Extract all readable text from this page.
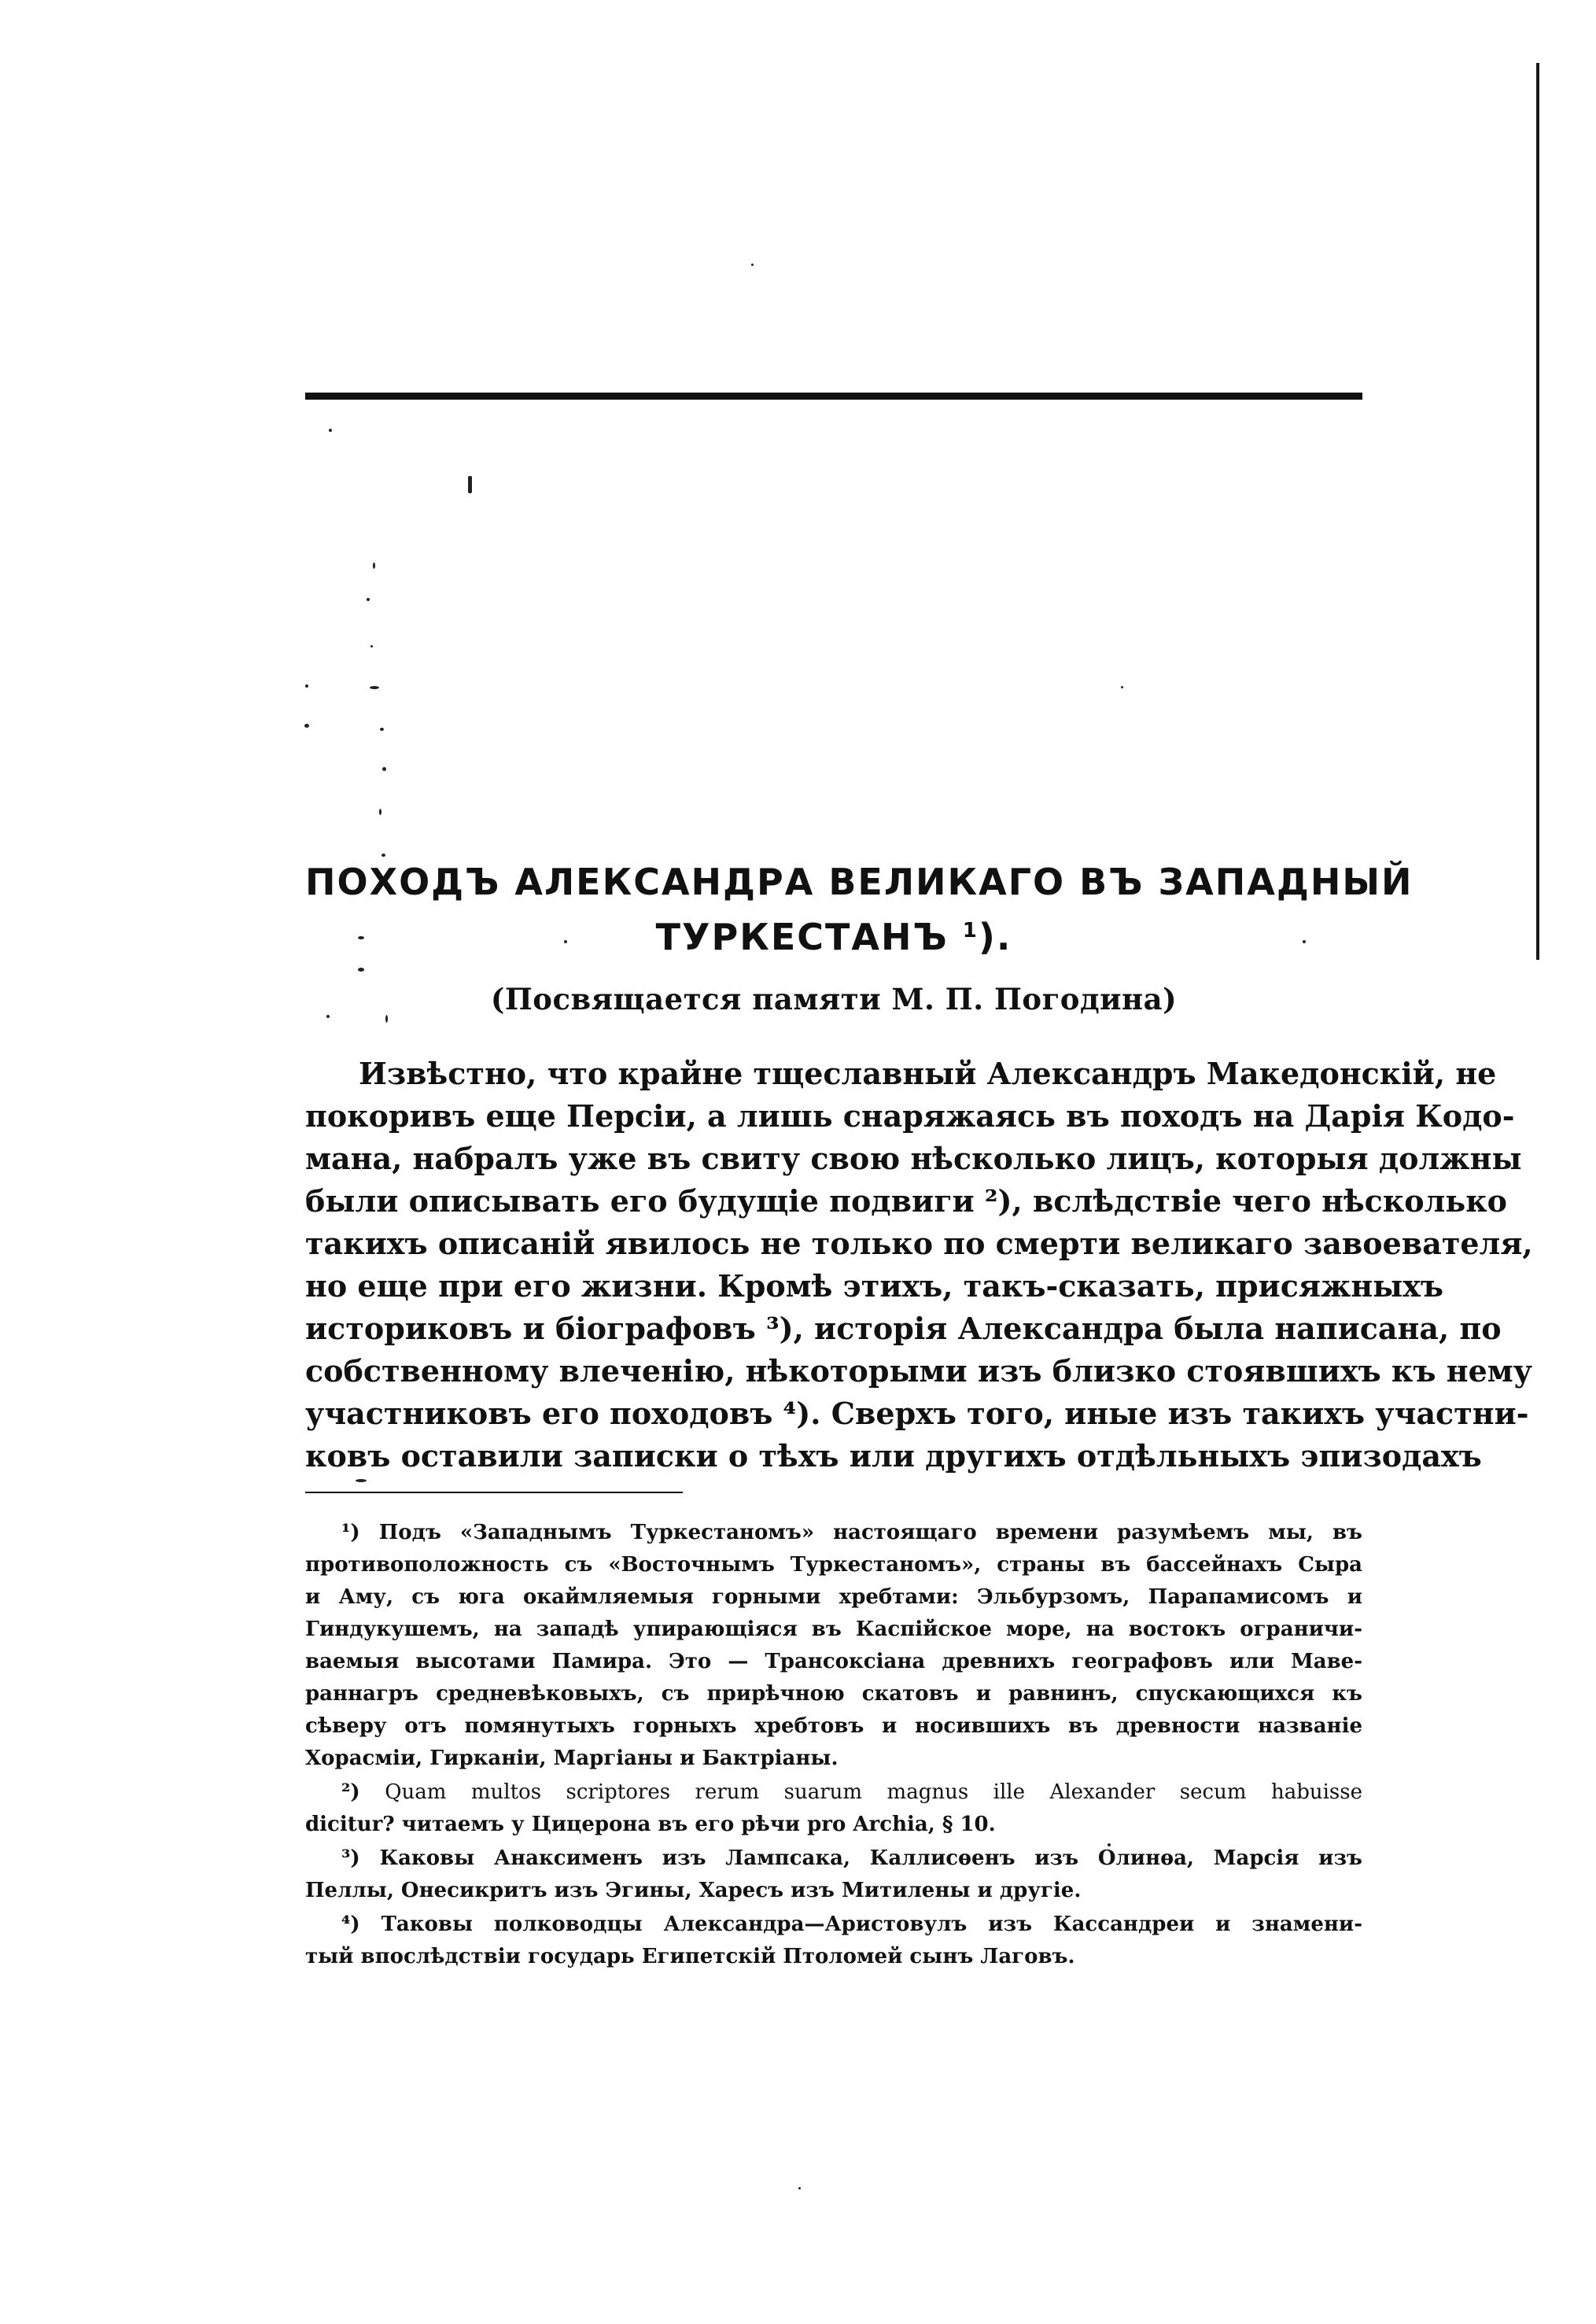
ПОХОДЪ АЛЕКСАНДРА ВЕЛИКАГО ВЪ ЗАПАДНЫЙ
ТУРКЕСТАНЪ $^1$).
(Посвящается памяти М. П. Погодина)
Извѣстно, что крайне тщеславный Александръ Македонскій, не
покоривъ еще Персіи, а лишь снаряжаясь въ походъ на Дарія Кодо-
мана, набралъ уже въ свиту свою нѣсколько лицъ, которыя должны
были описывать его будущіе подвиги ²), вслѣдствіе чего нѣсколько
такихъ описаній явилось не только по смерти великаго завоевателя,
но еще при его жизни. Кромѣ этихъ, такъ-сказать, присяжныхъ
историковъ и біографовъ ³), исторія Александра была написана, по
собственному влеченію, нѣкоторыми изъ близко стоявшихъ къ нему
участниковъ его походовъ ⁴). Сверхъ того, иные изъ такихъ участни-
ковъ оставили записки о тѣхъ или другихъ отдѣльныхъ эпизодахъ
¹) Подъ «Западнымъ Туркестаномъ» настоящаго времени разумѣемъ мы, въ
противоположность съ «Восточнымъ Туркестаномъ», страны въ бассейнахъ Сыра
и Аму, съ юга окаймляемыя горными хребтами: Эльбурзомъ, Парапамисомъ и
Гиндукушемъ, на западѣ упирающіяся въ Каспійское море, на востокъ ограничи-
ваемыя высотами Памира. Это — Трансоксіана древнихъ географовъ или Мавe-
раннагръ средневѣковыхъ, съ прирѣчною скатовъ и равнинъ, спускающихся къ
сѣверу отъ помянутыхъ горныхъ хребтовъ и носившихъ въ древности названіе
Хорасміи, Гирканіи, Маргіаны и Бактріаны.
²) Quam multos scriptores rerum suarum magnus ille Alexander secum habuisse
dicitur? читаемъ у Цицерона въ его рѣчи pro Archia, § 10.
³) Каковы Анаксименъ изъ Лампсака, Каллисѳенъ изъ Олинѳа, Марсія изъ
Пеллы, Онесикритъ изъ Эгины, Харесъ изъ Митилены и другіе.
⁴) Таковы полководцы Александра—Аристовулъ изъ Кассандреи и знамени-
тый впослѣдствіи государь Египетскій Птоломей сынъ Лаговъ.
